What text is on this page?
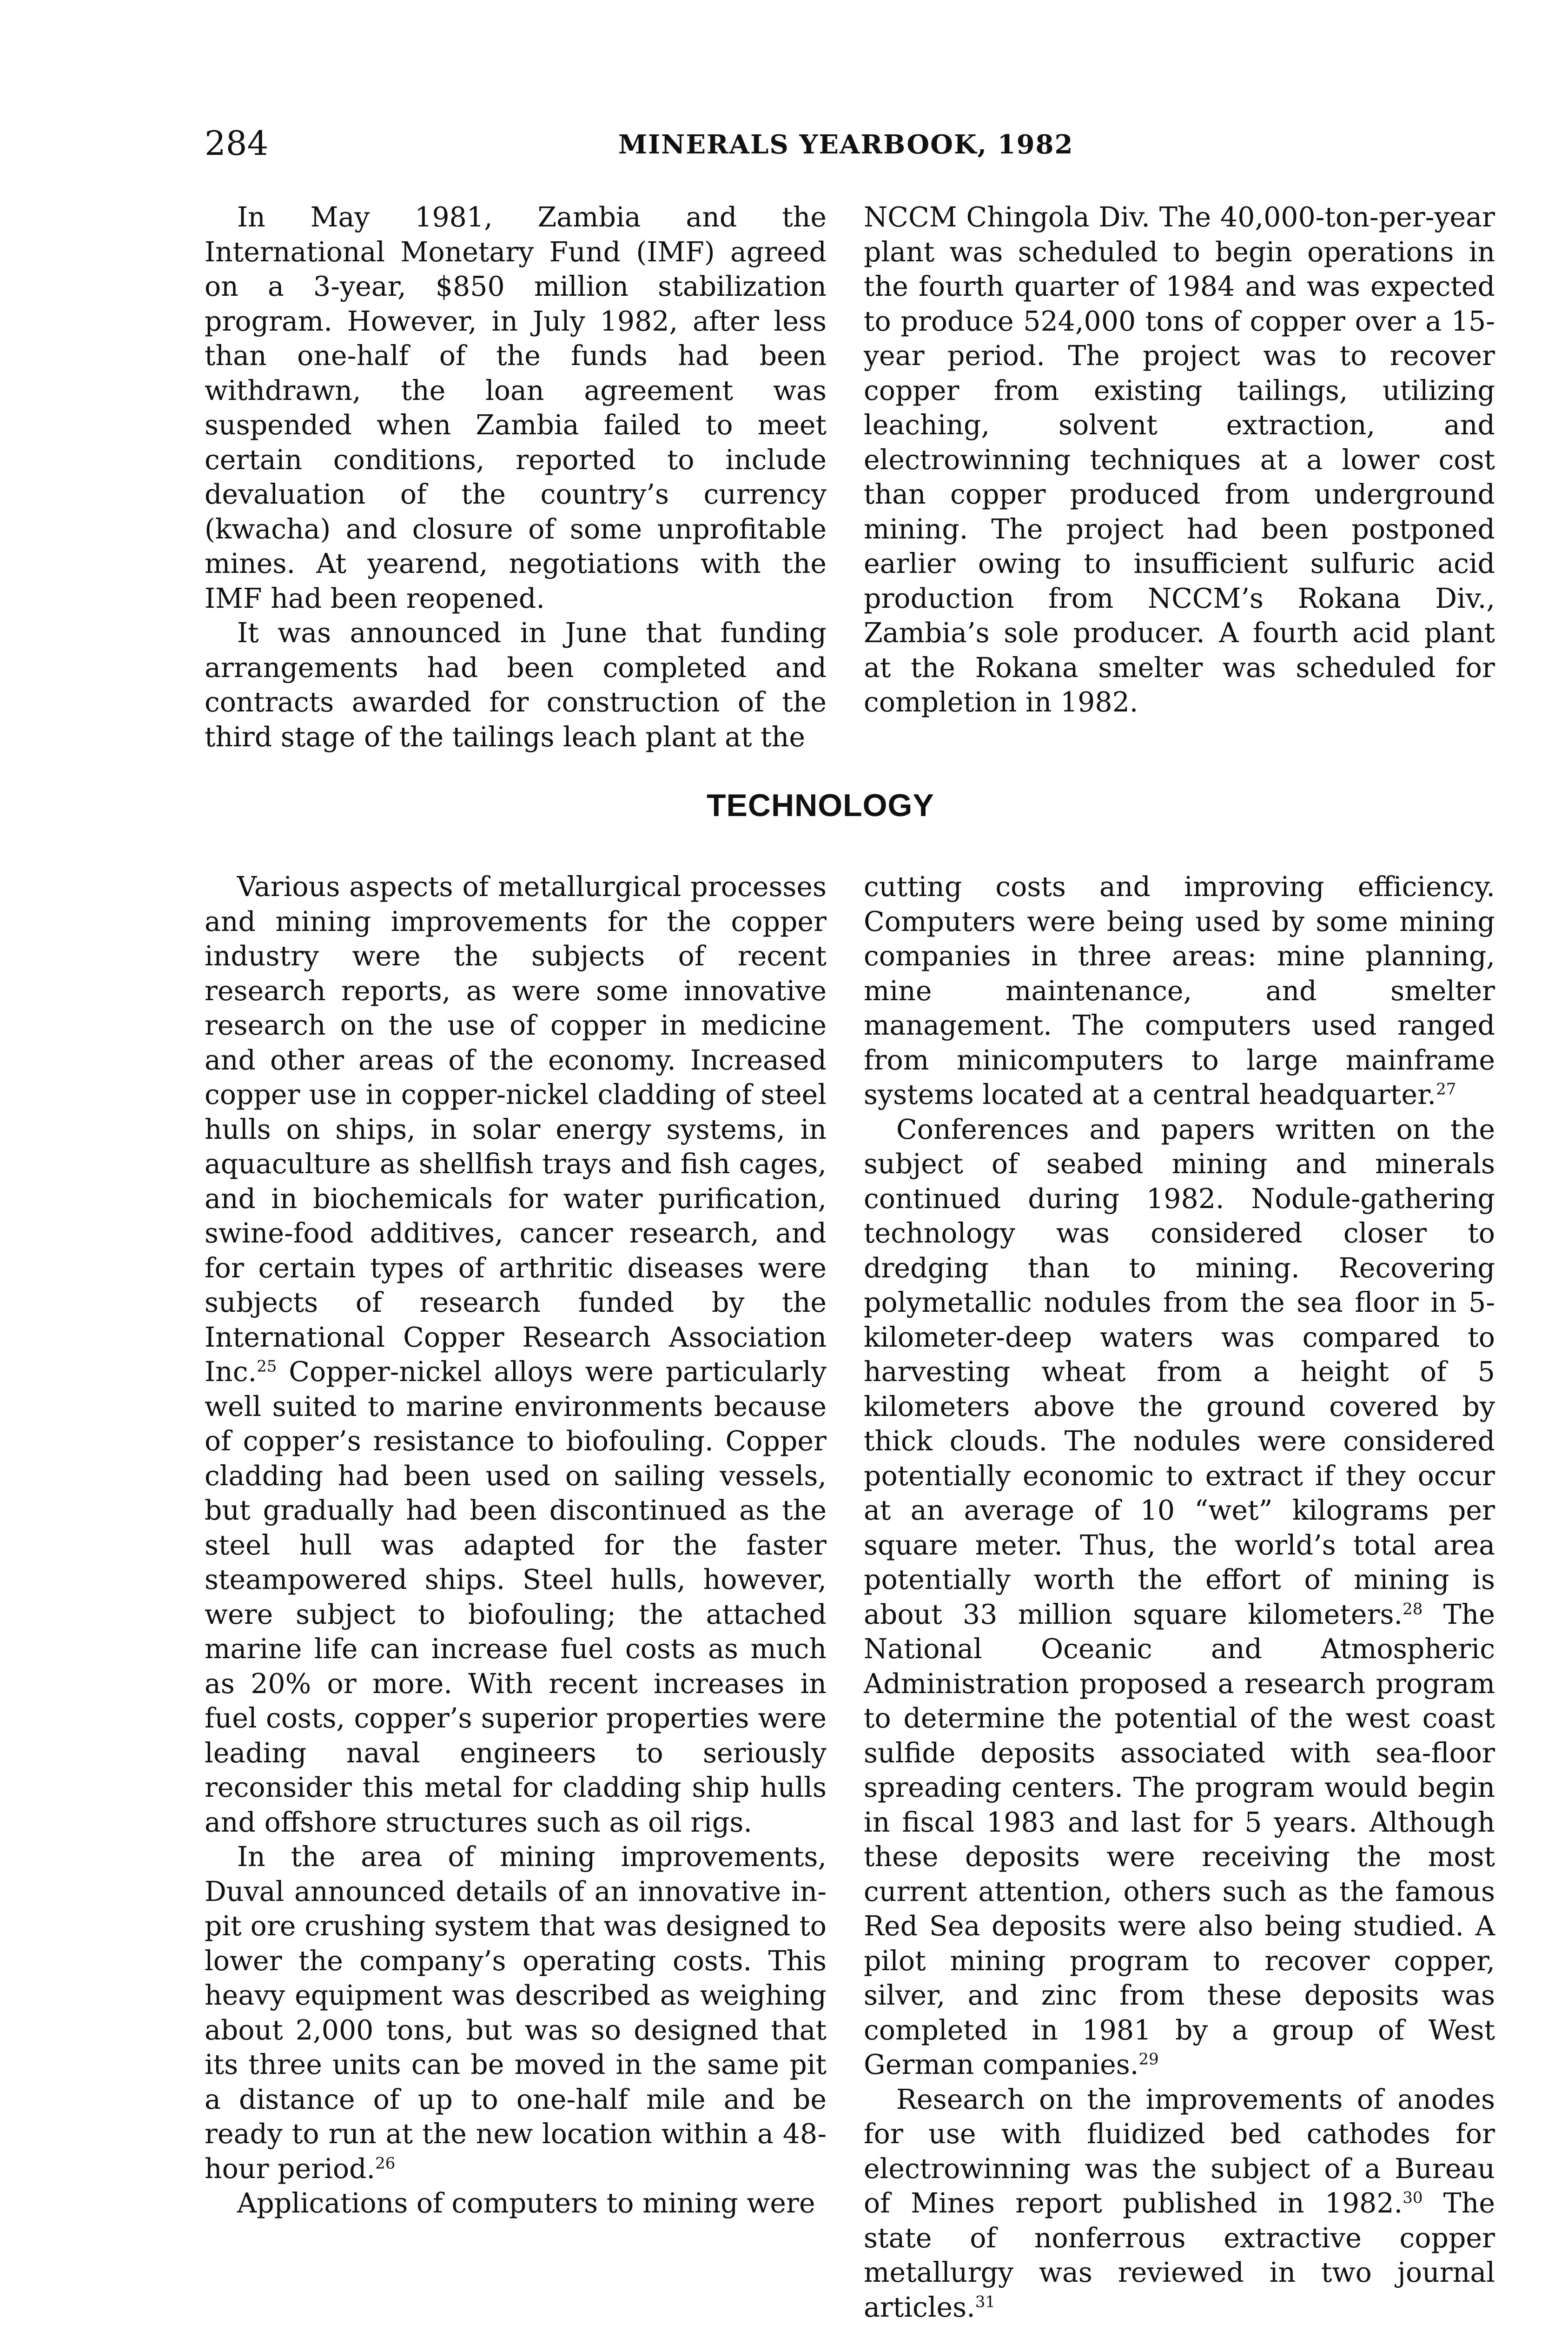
284	MINERALS YEARBOOK, 1982

In May 1981, Zambia and the International Monetary Fund (IMF) agreed on a 3-year, $850 million stabilization program. However, in July 1982, after less than one-half of the funds had been withdrawn, the loan agreement was suspended when Zambia failed to meet certain conditions, reported to include devaluation of the country’s currency (kwacha) and closure of some unprofitable mines. At yearend, negotiations with the IMF had been reopened.

It was announced in June that funding arrangements had been completed and contracts awarded for construction of the third stage of the tailings leach plant at the

NCCM Chingola Div. The 40,000-ton-per-year plant was scheduled to begin operations in the fourth quarter of 1984 and was expected to produce 524,000 tons of copper over a 15-year period. The project was to recover copper from existing tailings, utilizing leaching, solvent extraction, and electrowinning techniques at a lower cost than copper produced from underground mining. The project had been postponed earlier owing to insufficient sulfuric acid production from NCCM’s Rokana Div., Zambia’s sole producer. A fourth acid plant at the Rokana smelter was scheduled for completion in 1982.

TECHNOLOGY

Various aspects of metallurgical processes and mining improvements for the copper industry were the subjects of recent research reports, as were some innovative research on the use of copper in medicine and other areas of the economy. Increased copper use in copper-nickel cladding of steel hulls on ships, in solar energy systems, in aquaculture as shellfish trays and fish cages, and in biochemicals for water purification, swine-food additives, cancer research, and for certain types of arthritic diseases were subjects of research funded by the International Copper Research Association Inc.$^{25}$ Copper-nickel alloys were particularly well suited to marine environments because of copper’s resistance to biofouling. Copper cladding had been used on sailing vessels, but gradually had been discontinued as the steel hull was adapted for the faster steampowered ships. Steel hulls, however, were subject to biofouling; the attached marine life can increase fuel costs as much as 20% or more. With recent increases in fuel costs, copper’s superior properties were leading naval engineers to seriously reconsider this metal for cladding ship hulls and offshore structures such as oil rigs.

In the area of mining improvements, Duval announced details of an innovative in-pit ore crushing system that was designed to lower the company’s operating costs. This heavy equipment was described as weighing about 2,000 tons, but was so designed that its three units can be moved in the same pit a distance of up to one-half mile and be ready to run at the new location within a 48-hour period.$^{26}$

Applications of computers to mining were

cutting costs and improving efficiency. Computers were being used by some mining companies in three areas: mine planning, mine maintenance, and smelter management. The computers used ranged from minicomputers to large mainframe systems located at a central headquarter.$^{27}$

Conferences and papers written on the subject of seabed mining and minerals continued during 1982. Nodule-gathering technology was considered closer to dredging than to mining. Recovering polymetallic nodules from the sea floor in 5-kilometer-deep waters was compared to harvesting wheat from a height of 5 kilometers above the ground covered by thick clouds. The nodules were considered potentially economic to extract if they occur at an average of 10 “wet” kilograms per square meter. Thus, the world’s total area potentially worth the effort of mining is about 33 million square kilometers.$^{28}$ The National Oceanic and Atmospheric Administration proposed a research program to determine the potential of the west coast sulfide deposits associated with sea-floor spreading centers. The program would begin in fiscal 1983 and last for 5 years. Although these deposits were receiving the most current attention, others such as the famous Red Sea deposits were also being studied. A pilot mining program to recover copper, silver, and zinc from these deposits was completed in 1981 by a group of West German companies.$^{29}$

Research on the improvements of anodes for use with fluidized bed cathodes for electrowinning was the subject of a Bureau of Mines report published in 1982.30 The state of nonferrous extractive copper metallurgy was reviewed in two journal articles.$^{31}$
